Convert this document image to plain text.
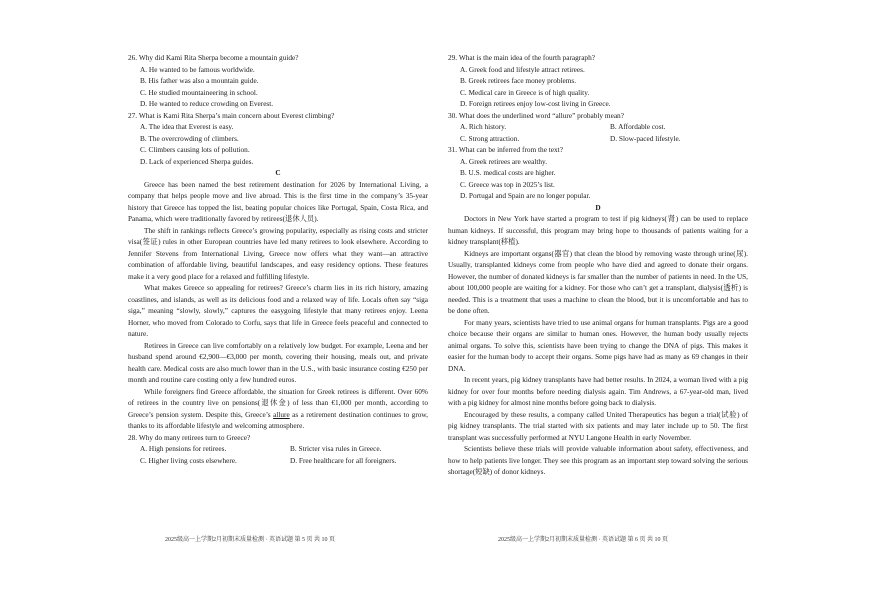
26. Why did Kami Rita Sherpa become a mountain guide?
A. He wanted to be famous worldwide.
B. His father was also a mountain guide.
C. He studied mountaineering in school.
D. He wanted to reduce crowding on Everest.
27. What is Kami Rita Sherpa’s main concern about Everest climbing?
A. The idea that Everest is easy.
B. The overcrowding of climbers.
C. Climbers causing lots of pollution.
D. Lack of experienced Sherpa guides.
C
Greece has been named the best retirement destination for 2026 by International Living, a company that helps people move and live abroad. This is the first time in the company’s 35-year history that Greece has topped the list, beating popular choices like Portugal, Spain, Costa Rica, and Panama, which were traditionally favored by retirees(退休人员).
The shift in rankings reflects Greece’s growing popularity, especially as rising costs and stricter visa(签证) rules in other European countries have led many retirees to look elsewhere. According to Jennifer Stevens from International Living, Greece now offers what they want—an attractive combination of affordable living, beautiful landscapes, and easy residency options. These features make it a very good place for a relaxed and fulfilling lifestyle.
What makes Greece so appealing for retirees? Greece’s charm lies in its rich history, amazing coastlines, and islands, as well as its delicious food and a relaxed way of life. Locals often say “siga siga,” meaning “slowly, slowly,” captures the easygoing lifestyle that many retirees enjoy. Leena Horner, who moved from Colorado to Corfu, says that life in Greece feels peaceful and connected to nature.
Retirees in Greece can live comfortably on a relatively low budget. For example, Leena and her husband spend around €2,900—€3,000 per month, covering their housing, meals out, and private health care. Medical costs are also much lower than in the U.S., with basic insurance costing €250 per month and routine care costing only a few hundred euros.
While foreigners find Greece affordable, the situation for Greek retirees is different. Over 60% of retirees in the country live on pensions(退休金) of less than €1,000 per month, according to Greece’s pension system. Despite this, Greece’s allure as a retirement destination continues to grow, thanks to its affordable lifestyle and welcoming atmosphere.
28. Why do many retirees turn to Greece?
A. High pensions for retirees.	B. Stricter visa rules in Greece.
C. Higher living costs elsewhere.	D. Free healthcare for all foreigners.
29. What is the main idea of the fourth paragraph?
A. Greek food and lifestyle attract retirees.
B. Greek retirees face money problems.
C. Medical care in Greece is of high quality.
D. Foreign retirees enjoy low-cost living in Greece.
30. What does the underlined word “allure” probably mean?
A. Rich history.	B. Affordable cost.
C. Strong attraction.	D. Slow-paced lifestyle.
31. What can be inferred from the text?
A. Greek retirees are wealthy.
B. U.S. medical costs are higher.
C. Greece was top in 2025’s list.
D. Portugal and Spain are no longer popular.
D
Doctors in New York have started a program to test if pig kidneys(肾) can be used to replace human kidneys. If successful, this program may bring hope to thousands of patients waiting for a kidney transplant(移植).
Kidneys are important organs(器官) that clean the blood by removing waste through urine(尿). Usually, transplanted kidneys come from people who have died and agreed to donate their organs. However, the number of donated kidneys is far smaller than the number of patients in need. In the US, about 100,000 people are waiting for a kidney. For those who can’t get a transplant, dialysis(透析) is needed. This is a treatment that uses a machine to clean the blood, but it is uncomfortable and has to be done often.
For many years, scientists have tried to use animal organs for human transplants. Pigs are a good choice because their organs are similar to human ones. However, the human body usually rejects animal organs. To solve this, scientists have been trying to change the DNA of pigs. This makes it easier for the human body to accept their organs. Some pigs have had as many as 69 changes in their DNA.
In recent years, pig kidney transplants have had better results. In 2024, a woman lived with a pig kidney for over four months before needing dialysis again. Tim Andrews, a 67-year-old man, lived with a pig kidney for almost nine months before going back to dialysis.
Encouraged by these results, a company called United Therapeutics has begun a trial(试验) of pig kidney transplants. The trial started with six patients and may later include up to 50. The first transplant was successfully performed at NYU Langone Health in early November.
Scientists believe these trials will provide valuable information about safety, effectiveness, and how to help patients live longer. They see this program as an important step toward solving the serious shortage(短缺) of donor kidneys.
2025级高一上学期2月初期末质量检测 · 英语试题 第 5 页 共 10 页	2025级高一上学期2月初期末质量检测 · 英语试题 第 6 页 共 10 页
